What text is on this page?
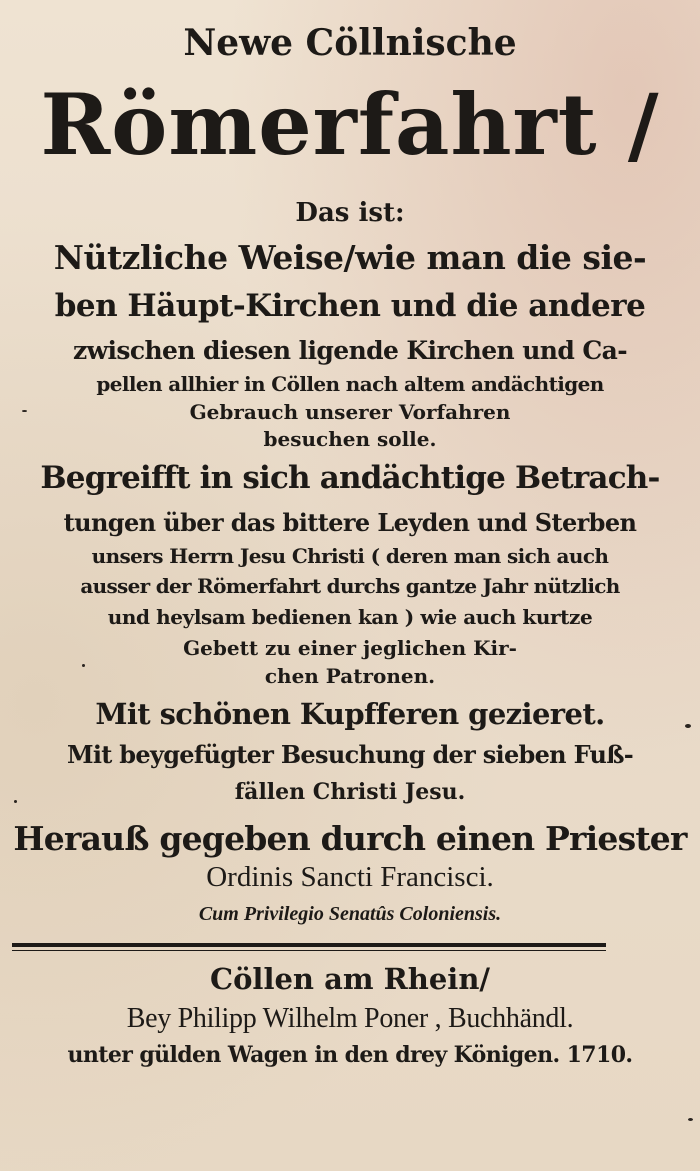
Newe Cöllnische
Römerfahrt /
Das ist:
Nützliche Weise/wie man die sie-
ben Häupt-Kirchen und die andere
zwischen diesen ligende Kirchen und Ca-
pellen allhier in Cöllen nach altem andächtigen
Gebrauch unserer Vorfahren
besuchen solle.
Begreifft in sich andächtige Betrach-
tungen über das bittere Leyden und Sterben
unsers Herrn Jesu Christi ( deren man sich auch
ausser der Römerfahrt durchs gantze Jahr nützlich
und heylsam bedienen kan ) wie auch kurtze
Gebett zu einer jeglichen Kir-
chen Patronen.
Mit schönen Kupfferen gezieret.
Mit beygefügter Besuchung der sieben Fuß-
fällen Christi Jesu.
Herauß gegeben durch einen Priester
Ordinis Sancti Francisci.
Cum Privilegio Senatûs Coloniensis.
Cöllen am Rhein/
Bey Philipp Wilhelm Poner , Buchhändl.
unter gülden Wagen in den drey Königen. 1710.
